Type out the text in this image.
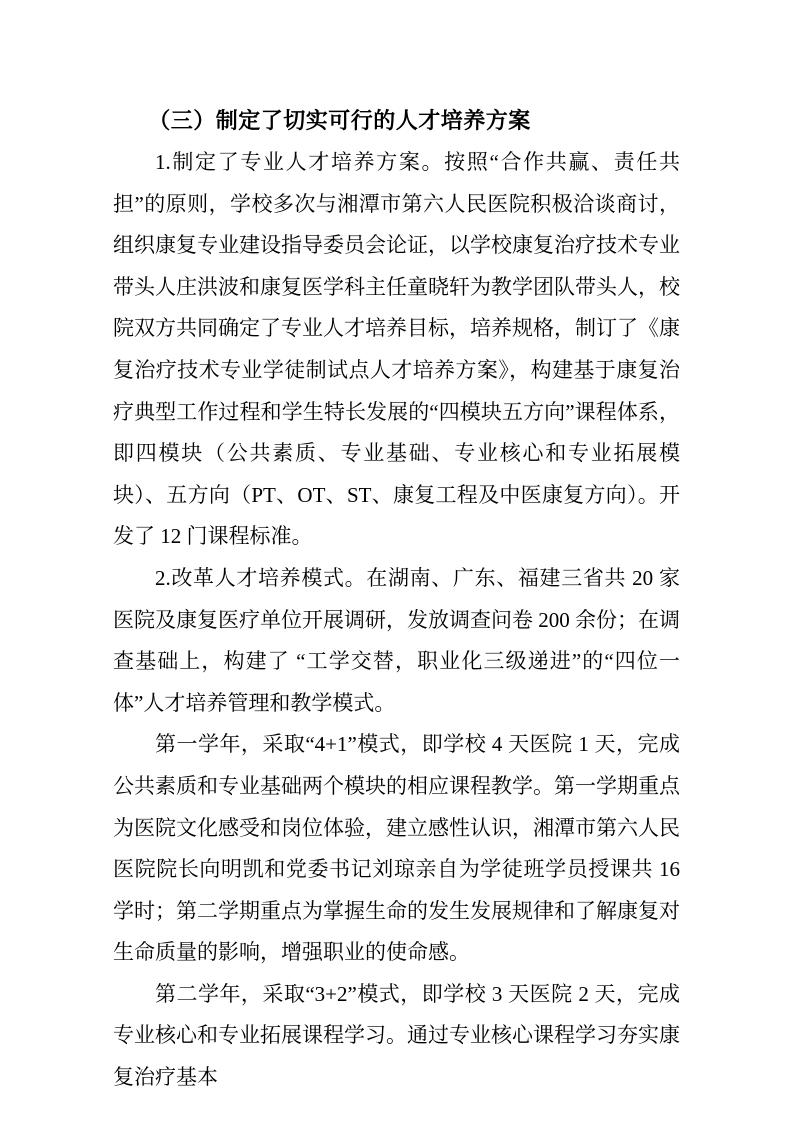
（三）制定了切实可行的人才培养方案

1.制定了专业人才培养方案。按照“合作共赢、责任共担”的原则，学校多次与湘潭市第六人民医院积极洽谈商讨，组织康复专业建设指导委员会论证，以学校康复治疗技术专业带头人庄洪波和康复医学科主任童晓轩为教学团队带头人，校院双方共同确定了专业人才培养目标，培养规格，制订了《康复治疗技术专业学徒制试点人才培养方案》，构建基于康复治疗典型工作过程和学生特长发展的“四模块五方向”课程体系，即四模块（公共素质、专业基础、专业核心和专业拓展模块）、五方向（PT、OT、ST、康复工程及中医康复方向）。开发了 12 门课程标准。

2.改革人才培养模式。在湖南、广东、福建三省共 20 家医院及康复医疗单位开展调研，发放调查问卷 200 余份；在调查基础上，构建了 “工学交替，职业化三级递进”的“四位一体”人才培养管理和教学模式。

第一学年，采取“4+1”模式，即学校 4 天医院 1 天，完成公共素质和专业基础两个模块的相应课程教学。第一学期重点为医院文化感受和岗位体验，建立感性认识，湘潭市第六人民医院院长向明凯和党委书记刘琼亲自为学徒班学员授课共 16 学时；第二学期重点为掌握生命的发生发展规律和了解康复对生命质量的影响，增强职业的使命感。

第二学年，采取“3+2”模式，即学校 3 天医院 2 天，完成专业核心和专业拓展课程学习。通过专业核心课程学习夯实康复治疗基本
